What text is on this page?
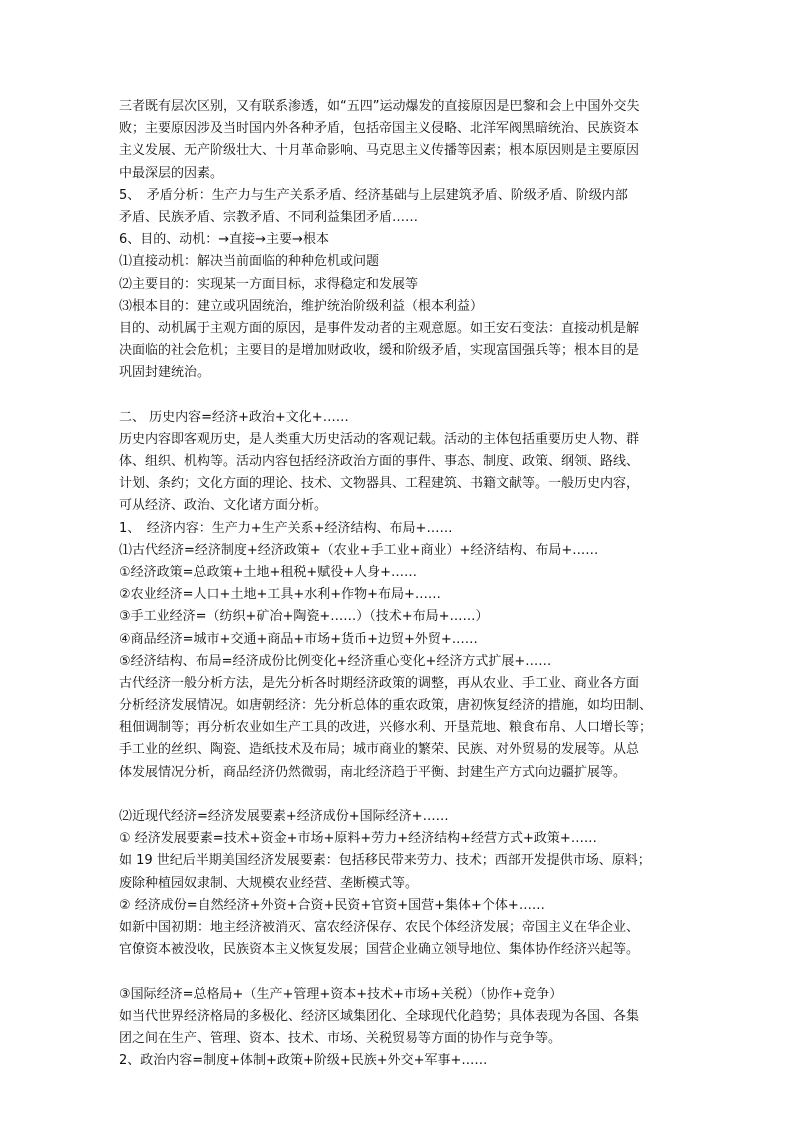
三者既有层次区别，又有联系渗透，如“五四”运动爆发的直接原因是巴黎和会上中国外交失
败；主要原因涉及当时国内外各种矛盾，包括帝国主义侵略、北洋军阀黑暗统治、民族资本
主义发展、无产阶级壮大、十月革命影响、马克思主义传播等因素；根本原因则是主要原因
中最深层的因素。
5、　矛盾分析：生产力与生产关系矛盾、经济基础与上层建筑矛盾、阶级矛盾、阶级内部
矛盾、民族矛盾、宗教矛盾、不同利益集团矛盾……
6、目的、动机：→直接→主要→根本
⑴直接动机：解决当前面临的种种危机或问题
⑵主要目的：实现某一方面目标，求得稳定和发展等
⑶根本目的：建立或巩固统治，维护统治阶级利益（根本利益）
目的、动机属于主观方面的原因，是事件发动者的主观意愿。如王安石变法：直接动机是解
决面临的社会危机；主要目的是增加财政收，缓和阶级矛盾，实现富国强兵等；根本目的是
巩固封建统治。
二、 历史内容=经济+政治+文化+……
历史内容即客观历史，是人类重大历史活动的客观记载。活动的主体包括重要历史人物、群
体、组织、机构等。活动内容包括经济政治方面的事件、事态、制度、政策、纲领、路线、
计划、条约；文化方面的理论、技术、文物器具、工程建筑、书籍文献等。一般历史内容，
可从经济、政治、文化诸方面分析。
1、　经济内容：生产力+生产关系+经济结构、布局+……
⑴古代经济=经济制度+经济政策+（农业+手工业+商业）+经济结构、布局+……
①经济政策=总政策+土地+租税+赋役+人身+……
②农业经济=人口+土地+工具+水利+作物+布局+……
③手工业经济=（纺织+矿冶+陶瓷+……）（技术+布局+……）
④商品经济=城市+交通+商品+市场+货币+边贸+外贸+……
⑤经济结构、布局=经济成份比例变化+经济重心变化+经济方式扩展+……
古代经济一般分析方法，是先分析各时期经济政策的调整，再从农业、手工业、商业各方面
分析经济发展情况。如唐朝经济：先分析总体的重农政策，唐初恢复经济的措施，如均田制、
租佃调制等；再分析农业如生产工具的改进，兴修水利、开垦荒地、粮食布帛、人口增长等；
手工业的丝织、陶瓷、造纸技术及布局；城市商业的繁荣、民族、对外贸易的发展等。从总
体发展情况分析，商品经济仍然微弱，南北经济趋于平衡、封建生产方式向边疆扩展等。
⑵近现代经济=经济发展要素+经济成份+国际经济+……
① 经济发展要素=技术+资金+市场+原料+劳力+经济结构+经营方式+政策+……
如 19 世纪后半期美国经济发展要素：包括移民带来劳力、技术；西部开发提供市场、原料；
废除种植园奴隶制、大规模农业经营、垄断模式等。
② 经济成份=自然经济+外资+合资+民资+官资+国营+集体+个体+……
如新中国初期：地主经济被消灭、富农经济保存、农民个体经济发展；帝国主义在华企业、
官僚资本被没收，民族资本主义恢复发展；国营企业确立领导地位、集体协作经济兴起等。
③国际经济=总格局+（生产+管理+资本+技术+市场+关税）（协作+竞争）
如当代世界经济格局的多极化、经济区域集团化、全球现代化趋势；具体表现为各国、各集
团之间在生产、管理、资本、技术、市场、关税贸易等方面的协作与竞争等。
2、政治内容=制度+体制+政策+阶级+民族+外交+军事+……
